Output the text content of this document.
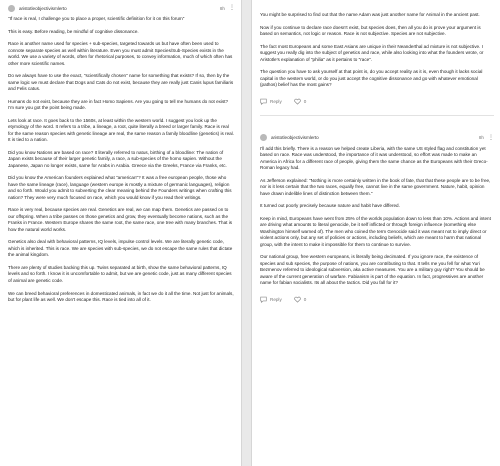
aristotleobjectivismlerto	8h ⋮

"If race is real, I challenge you to place a proper, scientific definition for it on this forum"

This is easy. Before reading, be mindful of cognitive dissonance.

Race is another name used for species + sub-species, targeted towards us but have often been used to connote separate species as well within literature. Even you must admit Species/Sub-Species exists in the world. We use a variety of words, often for rhetorical purposes, to convey information, much of which often has other more scientific names.

Do we always have to use the exact, "scientifically chosen" name for something that exists? If so, then by the same logic we must declare that Dogs and Cats do not exist, because they are really just Canis lupus familiaris and Felis catus.

Humans do not exist, because they are in fact Homo Sapiens. Are you going to tell me humans do not exist? I'm sure you got the point being made.

Lets look at race. It goes back to the 1560s, at least within the western world. I suggest you look up the etymology of the word. It refers to a tribe, a lineage, a root, quite literally a breed or larger family. Race is real for the same reason species with genetic lineage are real, the same reason a family bloodline (genetics) is real. It is tied to a nation.

Did you know Nations are based on race? It literally referred to natus, birthing of a bloodline: The nation of Japan exists because of their larger genetic family, a race, a sub-species of the homo sapien. Without the Japanese, Japan no longer exists, same for Arabs in Arabia. Greece via the Greeks, France via Franks, etc.

Did you know the American founders explained what "american"? It was a free european people, those who have the same lineage (race), language (western europe is mostly a mixture of germanic languages), religion and so forth. Would you admit to subverting the clear meaning behind the Founders writings when crafting this nation? They were very much focused on race, which you would know if you read their writings.

Race is very real, because species are real. Genetics are real, we can map them. Genetics are passed on to our offspring. When a tribe passes on those genetics and grow, they eventually become nations, such as the Franks in France. Western Europe shares the same root, the same race, one tree with many branches. That is how the natural world works.

Genetics also deal with behavioral patterns, IQ levels, impulse control levels. We are literally genetic code, which is inherited. This is race. We are species with sub-species, we do not escape the same rules that dictate the animal kingdom.

There are plenty of studies backing this up. Twins separated at birth, show the same behavioral patterns, IQ levels and so forth. I know it is uncomfortable to admit, but we are genetic code, just as many different species of animal are genetic code.

We can breed behavioral preferences in domesticated animals, in fact we do it all the time. Not just for animals, but for plant life as well. We don't escape this. Race is tied into all of it.

You might be surprised to find out that the name Adam was just another name for Animal in the ancient past.

Now if you continue to declare race doesn't exist, but species does, then all you do is prove your argument is based on semantics, not logic or reason. Race is not subjective. Species are not subjective.

The fact most Europeans and some East Asians are unique in their Neanderthal ad mixture is not subjective. I suggest you really dig into the subject of genetics and race, while also looking into what the founders wrote, or Aristotle's explanation of "philia" as it pertains to "race".

The question you have to ask yourself at that point is, do you accept reality as it is, even though it lacks social capital in the western world, or do you just accept the cognitive dissonance and go with whatever emotional (pathos) belief has the most gains?

Reply	0
aristotleobjectivismlerto	8h ⋮

I'll add this briefly. There is a reason we helped create Liberia, with the same US styled flag and constitution yet based on race. Race was understood, the importance of it was understood, so effort was made to make an America in Africa for a different race of people, giving them the same chance as the Europeans with their Greco-Roman legacy had.

As Jefferson explained: "Nothing is more certainly written in the book of fate, that that these people are to be free, nor is it less certain that the two races, equally free, cannot live in the same government. Nature, habit, opinion have drawn indelible lines of distinction between them."

It turned out poorly precisely because nature and habit have differed.

Keep in mind, Europeans have went from 25% of the worlds population down to less than 10%. Actions and intent are driving what amounts to literal genocide, be it self inflicted or through foreign influence (something else Washington himself warned of). The men who coined the term Genocide said it was meant not to imply direct or violent actions only, but any set of policies or actions, including beliefs, which are meant to harm that national group, with the intent to make it impossible for them to continue to survive.

Our national group, free western europeans, is literally being decimated. If you ignore race, the existence of species and sub species, the purpose of nations, you are contributing to that. It tells me you fell for what Yuri Bezmenov referred to ideological subversion, aka active measures. You are a military guy right? You should be aware of the current generation of warfare. Fabianism is part of the equation. In fact, progressives are another name for fabian socialists. Its all about the tactics. Did you fall for it?

Reply	0
